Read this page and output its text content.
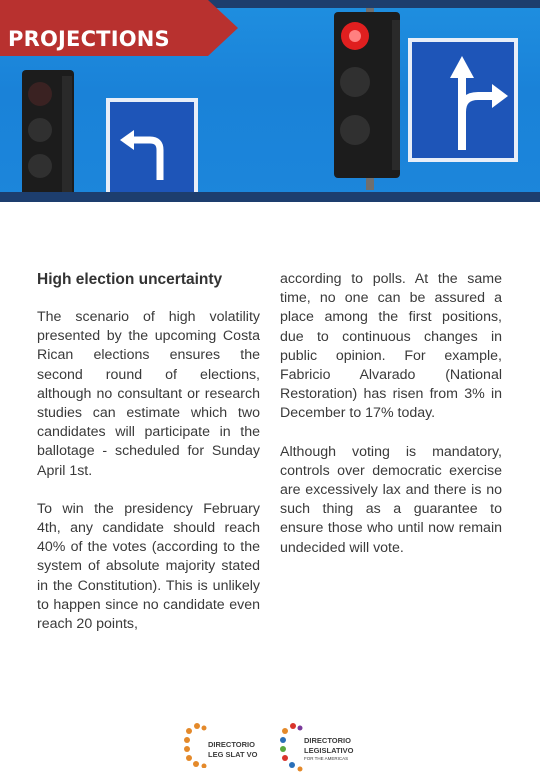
PROJECTIONS
High election uncertainty
The scenario of high volatility presented by the upcoming Costa Rican elections ensures the second round of elections, although no consultant or research studies can estimate which two candidates will participate in the ballotage - scheduled for Sunday April 1st.
To win the presidency February 4th, any candidate should reach 40% of the votes (according to the system of absolute majority stated in the Constitution). This is unlikely to happen since no candidate even reach 20 points,
according to polls. At the same time, no one can be assured a place among the first positions, due to continuous changes in public opinion. For example, Fabricio Alvarado (National Restoration) has risen from 3% in December to 17% today.
Although voting is mandatory, controls over democratic exercise are excessively lax and there is no such thing as a guarantee to ensure those who until now remain undecided will vote.
DIRECTORIO
LEG SLAT VO
DIRECTORIO
LEGISLATIVO
FOR THE AMERICAS
